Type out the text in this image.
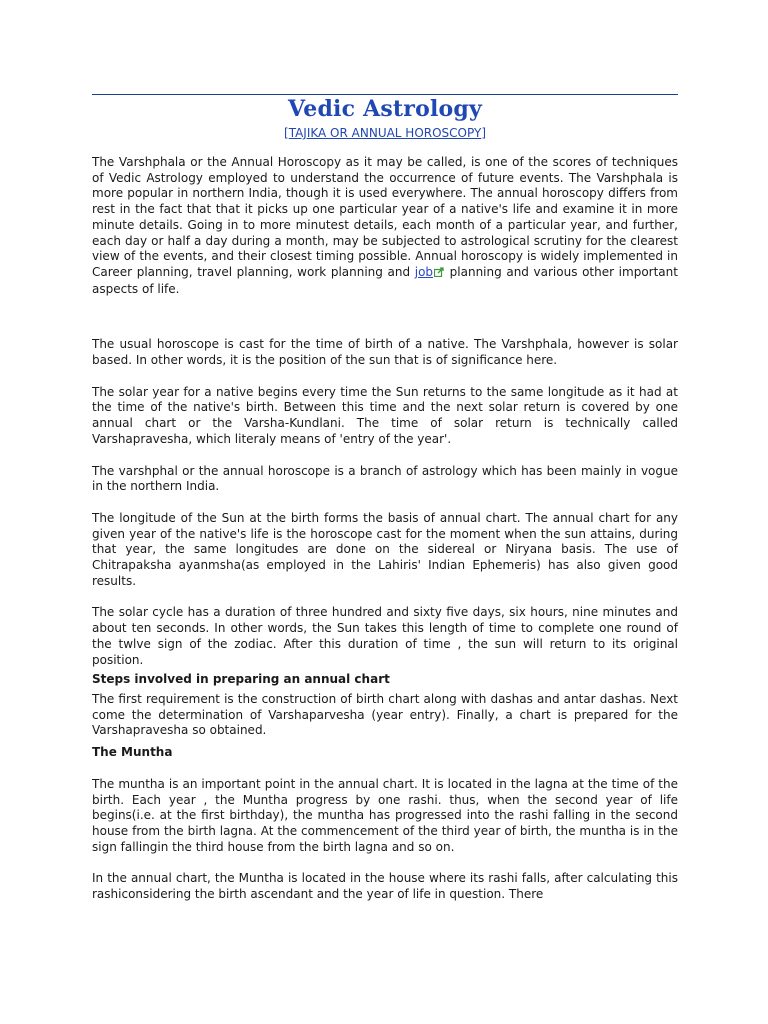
Vedic Astrology
[TAJIKA OR ANNUAL HOROSCOPY]

The Varshphala or the Annual Horoscopy as it may be called, is one of the scores of techniques of Vedic Astrology employed to understand the occurrence of future events. The Varshphala is more popular in northern India, though it is used everywhere. The annual horoscopy differs from rest in the fact that that it picks up one particular year of a native's life and examine it in more minute details. Going in to more minutest details, each month of a particular year, and further, each day or half a day during a month, may be subjected to astrological scrutiny for the clearest view of the events, and their closest timing possible. Annual horoscopy is widely implemented in Career planning, travel planning, work planning and job planning and various other important aspects of life.

The usual horoscope is cast for the time of birth of a native. The Varshphala, however is solar based. In other words, it is the position of the sun that is of significance here.

The solar year for a native begins every time the Sun returns to the same longitude as it had at the time of the native's birth. Between this time and the next solar return is covered by one annual chart or the Varsha-Kundlani. The time of solar return is technically called Varshapravesha, which literaly means of 'entry of the year'.

The varshphal or the annual horoscope is a branch of astrology which has been mainly in vogue in the northern India.

The longitude of the Sun at the birth forms the basis of annual chart. The annual chart for any given year of the native's life is the horoscope cast for the moment when the sun attains, during that year, the same longitudes are done on the sidereal or Niryana basis. The use of Chitrapaksha ayanmsha(as employed in the Lahiris' Indian Ephemeris) has also given good results.

The solar cycle has a duration of three hundred and sixty five days, six hours, nine minutes and about ten seconds. In other words, the Sun takes this length of time to complete one round of the twlve sign of the zodiac. After this duration of time , the sun will return to its original position.

Steps involved in preparing an annual chart

The first requirement is the construction of birth chart along with dashas and antar dashas. Next come the determination of Varshaparvesha (year entry). Finally, a chart is prepared for the Varshapravesha so obtained.

The Muntha

The muntha is an important point in the annual chart. It is located in the lagna at the time of the birth. Each year , the Muntha progress by one rashi. thus, when the second year of life begins(i.e. at the first birthday), the muntha has progressed into the rashi falling in the second house from the birth lagna. At the commencement of the third year of birth, the muntha is in the sign fallingin the third house from the birth lagna and so on.

In the annual chart, the Muntha is located in the house where its rashi falls, after calculating this rashiconsidering the birth ascendant and the year of life in question. There
